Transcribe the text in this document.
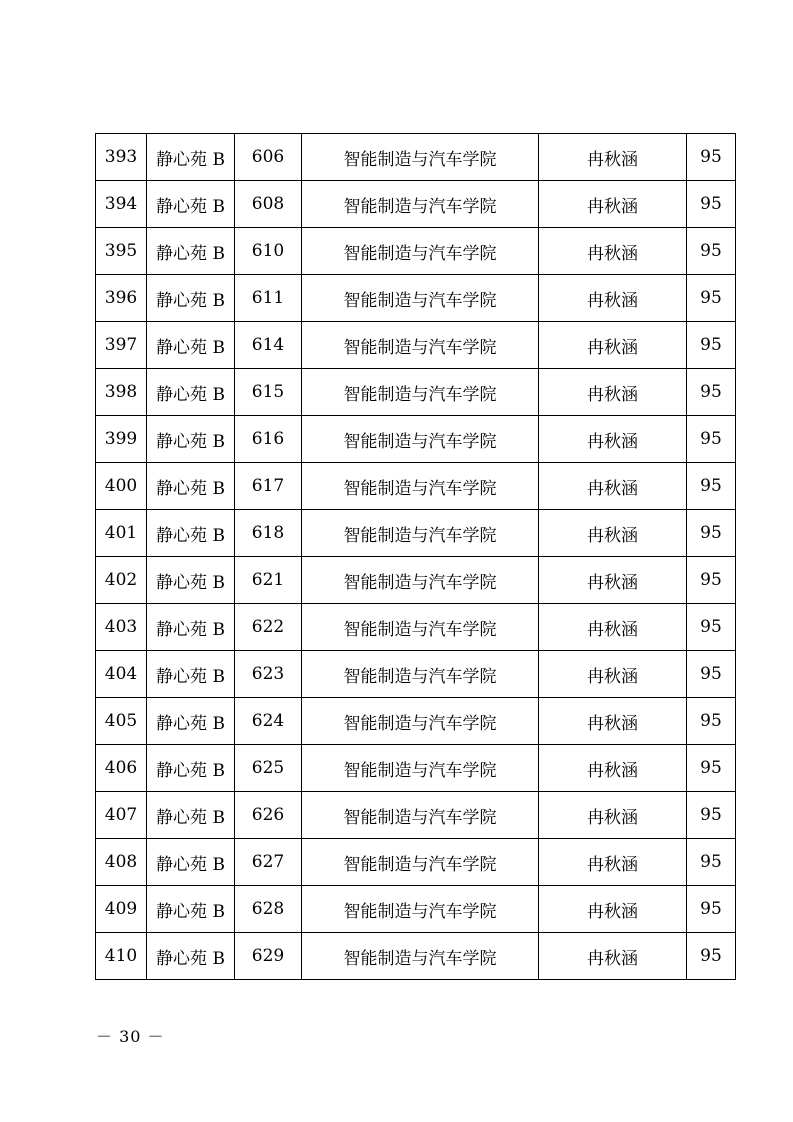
393	静心苑 B	606	智能制造与汽车学院	冉秋涵	95
394	静心苑 B	608	智能制造与汽车学院	冉秋涵	95
395	静心苑 B	610	智能制造与汽车学院	冉秋涵	95
396	静心苑 B	611	智能制造与汽车学院	冉秋涵	95
397	静心苑 B	614	智能制造与汽车学院	冉秋涵	95
398	静心苑 B	615	智能制造与汽车学院	冉秋涵	95
399	静心苑 B	616	智能制造与汽车学院	冉秋涵	95
400	静心苑 B	617	智能制造与汽车学院	冉秋涵	95
401	静心苑 B	618	智能制造与汽车学院	冉秋涵	95
402	静心苑 B	621	智能制造与汽车学院	冉秋涵	95
403	静心苑 B	622	智能制造与汽车学院	冉秋涵	95
404	静心苑 B	623	智能制造与汽车学院	冉秋涵	95
405	静心苑 B	624	智能制造与汽车学院	冉秋涵	95
406	静心苑 B	625	智能制造与汽车学院	冉秋涵	95
407	静心苑 B	626	智能制造与汽车学院	冉秋涵	95
408	静心苑 B	627	智能制造与汽车学院	冉秋涵	95
409	静心苑 B	628	智能制造与汽车学院	冉秋涵	95
410	静心苑 B	629	智能制造与汽车学院	冉秋涵	95
－ 30 －
